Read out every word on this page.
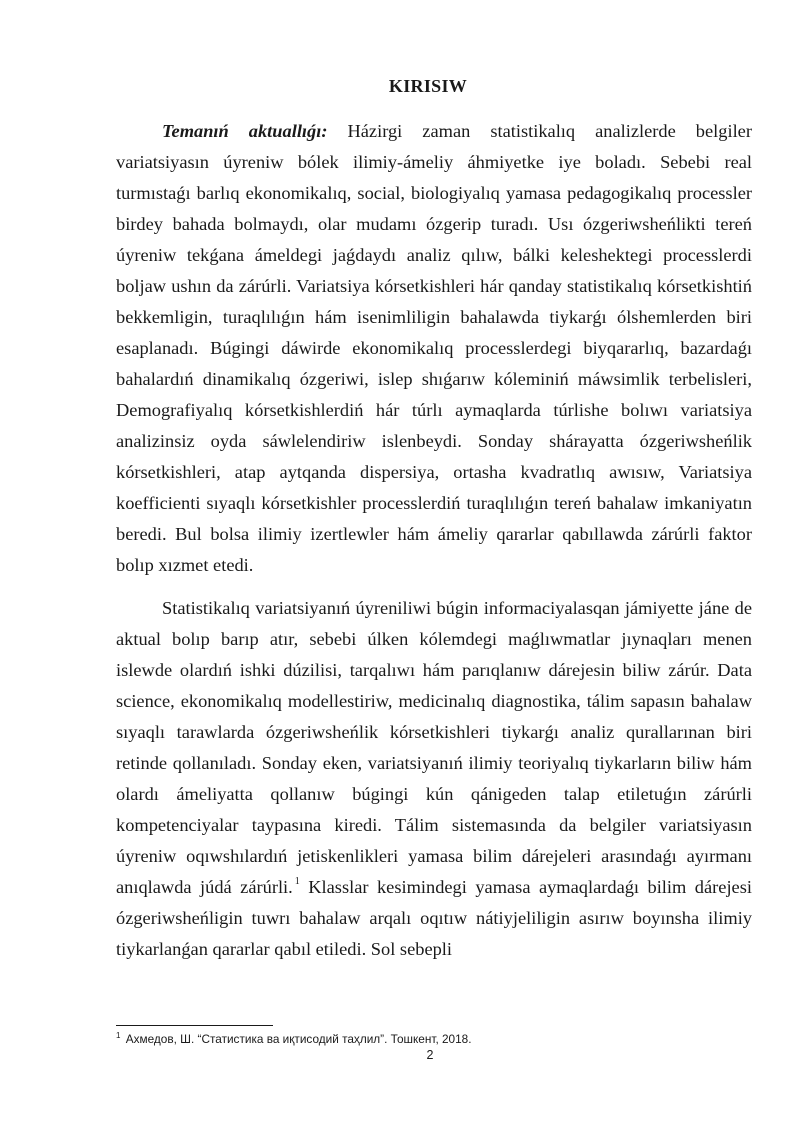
KIRISIW

Temanıń aktuallıǵı: Házirgi zaman statistikalıq analizlerde belgiler variatsiyasın úyreniw bólek ilimiy-ámeliy áhmiyetke iye boladı. Sebebi real turmıstaǵı barlıq ekonomikalıq, social, biologiyalıq yamasa pedagogikalıq processler birdey bahada bolmaydı, olar mudamı ózgerip turadı. Usı ózgeriwsheńlikti tereń úyreniw tekǵana ámeldegi jaǵdaydı analiz qılıw, bálki keleshektegi processlerdi boljaw ushın da zárúrli. Variatsiya kórsetkishleri hár qanday statistikalıq kórsetkishtiń bekkemligin, turaqlılıǵın hám isenimliligin bahalawda tiykarǵı ólshemlerden biri esaplanadı. Búgingi dáwirde ekonomikalıq processlerdegi biyqararlıq, bazardaǵı bahalardıń dinamikalıq ózgeriwi, islep shıǵarıw kóleminiń máwsimlik terbelisleri, Demografiyalıq kórsetkishlerdiń hár túrlı aymaqlarda túrlishe bolıwı variatsiya analizinsiz oyda sáwlelendiriw islenbeydi. Sonday shárayatta ózgeriwsheńlik kórsetkishleri, atap aytqanda dispersiya, ortasha kvadratlıq awısıw, Variatsiya koefficienti sıyaqlı kórsetkishler processlerdiń turaqlılıǵın tereń bahalaw imkaniyatın beredi. Bul bolsa ilimiy izertlewler hám ámeliy qararlar qabıllawda zárúrli faktor bolıp xızmet etedi.

Statistikalıq variatsiyanıń úyreniliwi búgin informaciyalasqan jámiyette jáne de aktual bolıp barıp atır, sebebi úlken kólemdegi maǵlıwmatlar jıynaqları menen islewde olardıń ishki dúzilisi, tarqalıwı hám parıqlanıw dárejesin biliw zárúr. Data science, ekonomikalıq modellestiriw, medicinalıq diagnostika, tálim sapasın bahalaw sıyaqlı tarawlarda ózgeriwsheńlik kórsetkishleri tiykarǵı analiz qurallarınan biri retinde qollanıladı. Sonday eken, variatsiyanıń ilimiy teoriyalıq tiykarların biliw hám olardı ámeliyatta qollanıw búgingi kún qánigeden talap etiletuǵın zárúrli kompetenciyalar taypasına kiredi. Tálim sistemasında da belgiler variatsiyasın úyreniw oqıwshılardıń jetiskenlikleri yamasa bilim dárejeleri arasındaǵı ayırmanı anıqlawda júdá zárúrli. $^1$ Klasslar kesimindegi yamasa aymaqlardaǵı bilim dárejesi ózgeriwsheńligin tuwrı bahalaw arqalı oqıtıw nátiyjeliligin asırıw boyınsha ilimiy tiykarlanǵan qararlar qabıl etiledi. Sol sebepli

$^1$ Ахмедов, Ш. “Статистика ва иқтисодий таҳлил”. Тошкент, 2018.
2
